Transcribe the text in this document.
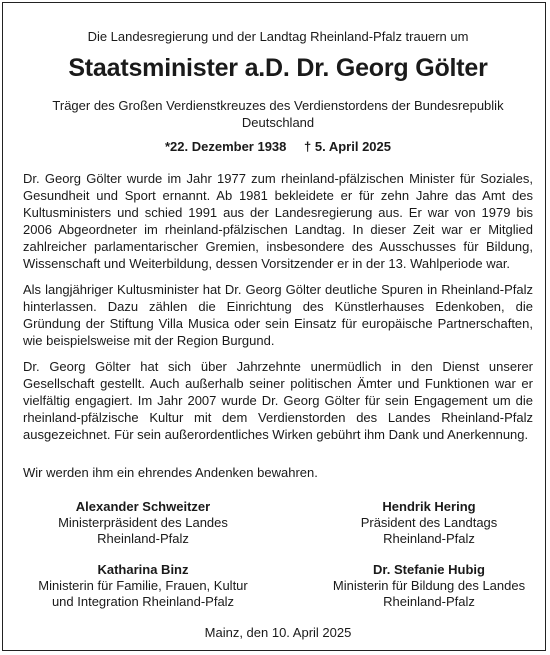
Die Landesregierung und der Landtag Rheinland-Pfalz trauern um
Staatsminister a.D. Dr. Georg Gölter
Träger des Großen Verdienstkreuzes des Verdienstordens der Bundesrepublik Deutschland
*22. Dezember 1938 † 5. April 2025

Dr. Georg Gölter wurde im Jahr 1977 zum rheinland-pfälzischen Minister für Soziales, Gesundheit und Sport ernannt. Ab 1981 bekleidete er für zehn Jahre das Amt des Kultusministers und schied 1991 aus der Landesregierung aus. Er war von 1979 bis 2006 Abgeordneter im rheinland-pfälzischen Landtag. In dieser Zeit war er Mitglied zahlreicher parlamentarischer Gremien, insbesondere des Ausschusses für Bildung, Wissenschaft und Weiterbildung, dessen Vorsitzender er in der 13. Wahlperiode war.

Als langjähriger Kultusminister hat Dr. Georg Gölter deutliche Spuren in Rheinland-Pfalz hinterlassen. Dazu zählen die Einrichtung des Künstlerhauses Edenkoben, die Gründung der Stiftung Villa Musica oder sein Einsatz für europäische Partnerschaften, wie beispielsweise mit der Region Burgund.

Dr. Georg Gölter hat sich über Jahrzehnte unermüdlich in den Dienst unserer Gesellschaft gestellt. Auch außerhalb seiner politischen Ämter und Funktionen war er vielfältig engagiert. Im Jahr 2007 wurde Dr. Georg Gölter für sein Engagement um die rheinland-pfälzische Kultur mit dem Verdienstorden des Landes Rheinland-Pfalz ausgezeichnet. Für sein außerordentliches Wirken gebührt ihm Dank und Anerkennung.

Wir werden ihm ein ehrendes Andenken bewahren.
Alexander Schweitzer
Ministerpräsident des Landes
Rheinland-Pfalz
Hendrik Hering
Präsident des Landtags
Rheinland-Pfalz
Katharina Binz
Ministerin für Familie, Frauen, Kultur
und Integration Rheinland-Pfalz
Dr. Stefanie Hubig
Ministerin für Bildung des Landes
Rheinland-Pfalz
Mainz, den 10. April 2025
